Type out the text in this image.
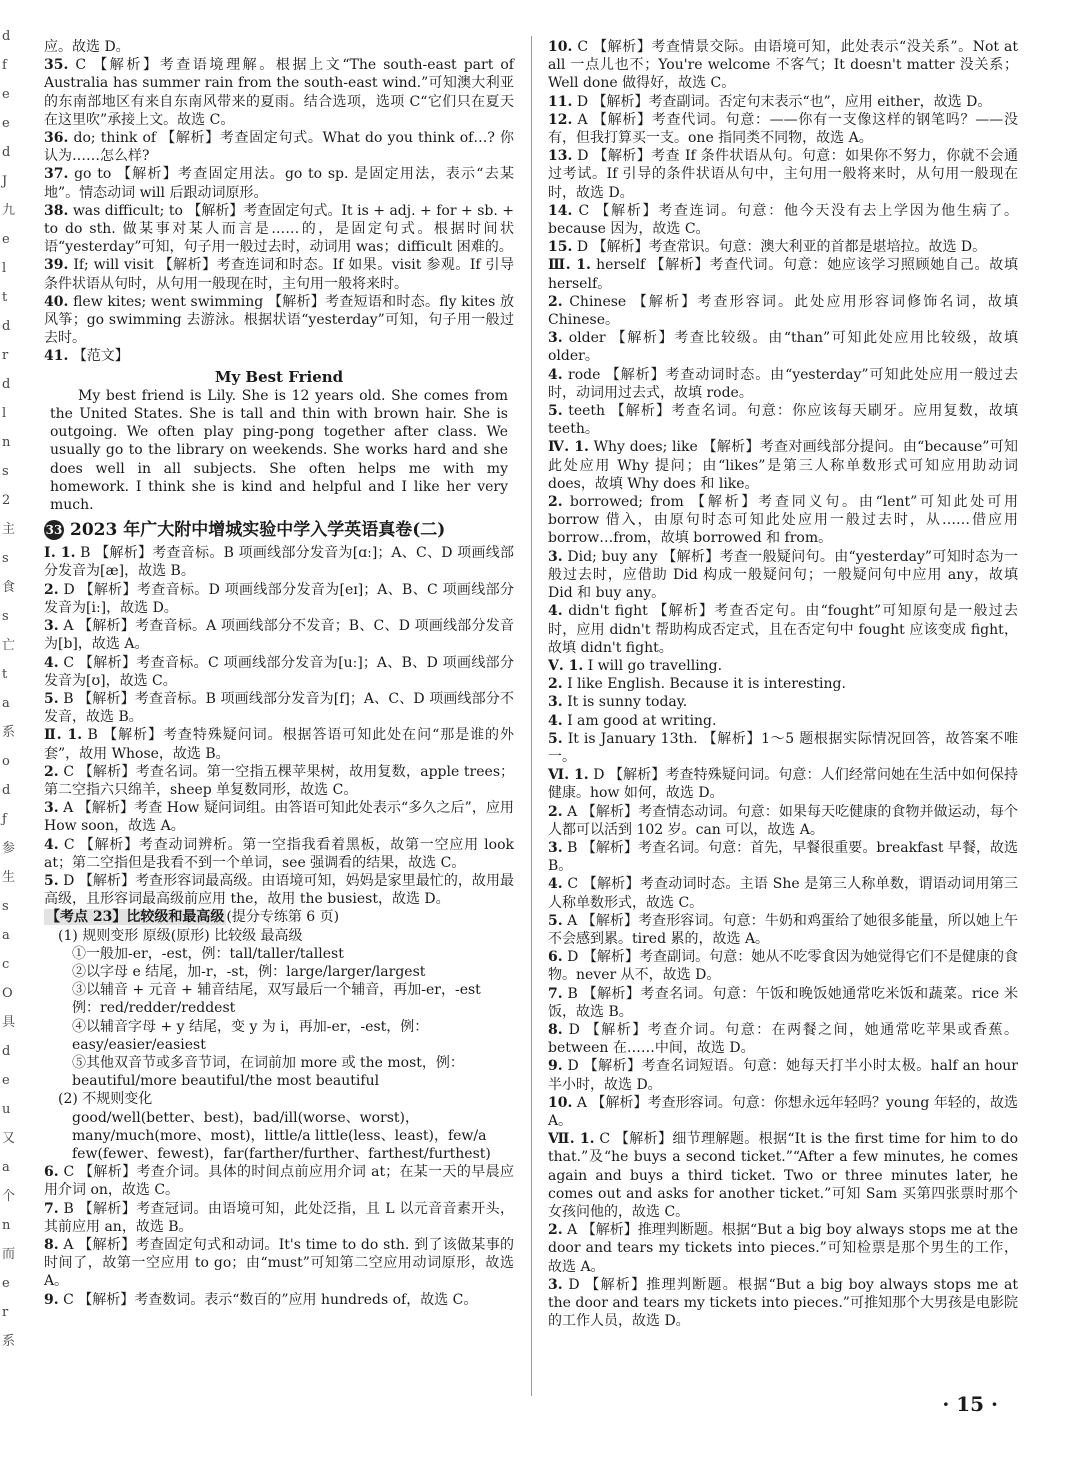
d
f
e
e
d
J
九
e
l
t
d
r
d
l
n
s
2
主
s
食
s
亡
t
a
系
o
d
ƒ
参
生
s
a
c
O
具
d
e
u
又
a
个
n
而
e
r
系

应。故选 D。

35. C 【解析】考查语境理解。根据上文“The south-east part of Australia has summer rain from the south-east wind.”可知澳大利亚的东南部地区有来自东南风带来的夏雨。结合选项，选项 C“它们只在夏天在这里吹”承接上文。故选 C。

36. do; think of 【解析】考查固定句式。What do you think of…? 你认为……怎么样?

37. go to 【解析】考查固定用法。go to sp. 是固定用法，表示“去某地”。情态动词 will 后跟动词原形。

38. was difficult; to 【解析】考查固定句式。It is + adj. + for + sb. + to do sth. 做某事对某人而言是……的，是固定句式。根据时间状语“yesterday”可知，句子用一般过去时，动词用 was；difficult 困难的。

39. If; will visit 【解析】考查连词和时态。If 如果。visit 参观。If 引导条件状语从句时，从句用一般现在时，主句用一般将来时。

40. flew kites; went swimming 【解析】考查短语和时态。fly kites 放风筝；go swimming 去游泳。根据状语“yesterday”可知，句子用一般过去时。

41. 【范文】

My Best Friend

My best friend is Lily. She is 12 years old. She comes from the United States. She is tall and thin with brown hair. She is outgoing. We often play ping-pong together after class. We usually go to the library on weekends. She works hard and she does well in all subjects. She often helps me with my homework. I think she is kind and helpful and I like her very much.

33 2023 年广大附中增城实验中学入学英语真卷(二)

Ⅰ. 1. B 【解析】考查音标。B 项画线部分发音为[ɑː]；A、C、D 项画线部分发音为[æ]，故选 B。

2. D 【解析】考查音标。D 项画线部分发音为[eɪ]；A、B、C 项画线部分发音为[iː]，故选 D。

3. A 【解析】考查音标。A 项画线部分不发音；B、C、D 项画线部分发音为[b]，故选 A。

4. C 【解析】考查音标。C 项画线部分发音为[uː]；A、B、D 项画线部分发音为[ʊ]，故选 C。

5. B 【解析】考查音标。B 项画线部分发音为[f]；A、C、D 项画线部分不发音，故选 B。

Ⅱ. 1. B 【解析】考查特殊疑问词。根据答语可知此处在问“那是谁的外套”，故用 Whose，故选 B。

2. C 【解析】考查名词。第一空指五棵苹果树，故用复数，apple trees；第二空指六只绵羊，sheep 单复数同形，故选 C。

3. A 【解析】考查 How 疑问词组。由答语可知此处表示“多久之后”，应用 How soon，故选 A。

4. C 【解析】考查动词辨析。第一空指我看着黑板，故第一空应用 look at；第二空指但是我看不到一个单词，see 强调看的结果，故选 C。

5. D 【解析】考查形容词最高级。由语境可知，妈妈是家里最忙的，故用最高级，且形容词最高级前应用 the，故用 the busiest，故选 D。

【考点 23】比较级和最高级 (提分专练第 6 页)

(1) 规则变形 原级(原形) 比较级 最高级

①一般加-er，-est，例：tall/taller/tallest

②以字母 e 结尾，加-r，-st，例：large/larger/largest

③以辅音 + 元音 + 辅音结尾，双写最后一个辅音，再加-er，-est

例：red/redder/reddest

④以辅音字母 + y 结尾，变 y 为 i，再加-er，-est，例：easy/easier/easiest

⑤其他双音节或多音节词，在词前加 more 或 the most，例：beautiful/more beautiful/the most beautiful

(2) 不规则变化

good/well(better、best)，bad/ill(worse、worst)，many/much(more、most)，little/a little(less、least)，few/a few(fewer、fewest)，far(farther/further、farthest/furthest)

6. C 【解析】考查介词。具体的时间点前应用介词 at；在某一天的早晨应用介词 on，故选 C。

7. B 【解析】考查冠词。由语境可知，此处泛指，且 L 以元音音素开头，其前应用 an，故选 B。

8. A 【解析】考查固定句式和动词。It's time to do sth. 到了该做某事的时间了，故第一空应用 to go；由“must”可知第二空应用动词原形，故选 A。

9. C 【解析】考查数词。表示“数百的”应用 hundreds of，故选 C。

10. C 【解析】考查情景交际。由语境可知，此处表示“没关系”。Not at all 一点儿也不；You're welcome 不客气；It doesn't matter 没关系；Well done 做得好，故选 C。

11. D 【解析】考查副词。否定句末表示“也”，应用 either，故选 D。

12. A 【解析】考查代词。句意：——你有一支像这样的钢笔吗？——没有，但我打算买一支。one 指同类不同物，故选 A。

13. D 【解析】考查 If 条件状语从句。句意：如果你不努力，你就不会通过考试。If 引导的条件状语从句中，主句用一般将来时，从句用一般现在时，故选 D。

14. C 【解析】考查连词。句意：他今天没有去上学因为他生病了。because 因为，故选 C。

15. D 【解析】考查常识。句意：澳大利亚的首都是堪培拉。故选 D。

Ⅲ. 1. herself 【解析】考查代词。句意：她应该学习照顾她自己。故填 herself。

2. Chinese 【解析】考查形容词。此处应用形容词修饰名词，故填 Chinese。

3. older 【解析】考查比较级。由“than”可知此处应用比较级，故填 older。

4. rode 【解析】考查动词时态。由“yesterday”可知此处应用一般过去时，动词用过去式，故填 rode。

5. teeth 【解析】考查名词。句意：你应该每天刷牙。应用复数，故填 teeth。

Ⅳ. 1. Why does; like 【解析】考查对画线部分提问。由“because”可知此处应用 Why 提问；由“likes”是第三人称单数形式可知应用助动词 does，故填 Why does 和 like。

2. borrowed; from 【解析】考查同义句。由“lent”可知此处可用 borrow 借入，由原句时态可知此处应用一般过去时，从……借应用 borrow…from，故填 borrowed 和 from。

3. Did; buy any 【解析】考查一般疑问句。由“yesterday”可知时态为一般过去时，应借助 Did 构成一般疑问句；一般疑问句中应用 any，故填 Did 和 buy any。

4. didn't fight 【解析】考查否定句。由“fought”可知原句是一般过去时，应用 didn't 帮助构成否定式，且在否定句中 fought 应该变成 fight，故填 didn't fight。

Ⅴ. 1. I will go travelling.

2. I like English. Because it is interesting.

3. It is sunny today.

4. I am good at writing.

5. It is January 13th. 【解析】1～5 题根据实际情况回答，故答案不唯一。

Ⅵ. 1. D 【解析】考查特殊疑问词。句意：人们经常问她在生活中如何保持健康。how 如何，故选 D。

2. A 【解析】考查情态动词。句意：如果每天吃健康的食物并做运动，每个人都可以活到 102 岁。can 可以，故选 A。

3. B 【解析】考查名词。句意：首先，早餐很重要。breakfast 早餐，故选 B。

4. C 【解析】考查动词时态。主语 She 是第三人称单数，谓语动词用第三人称单数形式，故选 C。

5. A 【解析】考查形容词。句意：牛奶和鸡蛋给了她很多能量，所以她上午不会感到累。tired 累的，故选 A。

6. D 【解析】考查副词。句意：她从不吃零食因为她觉得它们不是健康的食物。never 从不，故选 D。

7. B 【解析】考查名词。句意：午饭和晚饭她通常吃米饭和蔬菜。rice 米饭，故选 B。

8. D 【解析】考查介词。句意：在两餐之间，她通常吃苹果或香蕉。between 在……中间，故选 D。

9. D 【解析】考查名词短语。句意：她每天打半小时太极。half an hour 半小时，故选 D。

10. A 【解析】考查形容词。句意：你想永远年轻吗？young 年轻的，故选 A。

Ⅶ. 1. C 【解析】细节理解题。根据“It is the first time for him to do that.”及“he buys a second ticket.”“After a few minutes, he comes again and buys a third ticket. Two or three minutes later, he comes out and asks for another ticket.”可知 Sam 买第四张票时那个女孩问他的，故选 C。

2. A 【解析】推理判断题。根据“But a big boy always stops me at the door and tears my tickets into pieces.”可知检票是那个男生的工作，故选 A。

3. D 【解析】推理判断题。根据“But a big boy always stops me at the door and tears my tickets into pieces.”可推知那个大男孩是电影院的工作人员，故选 D。

· 15 ·
